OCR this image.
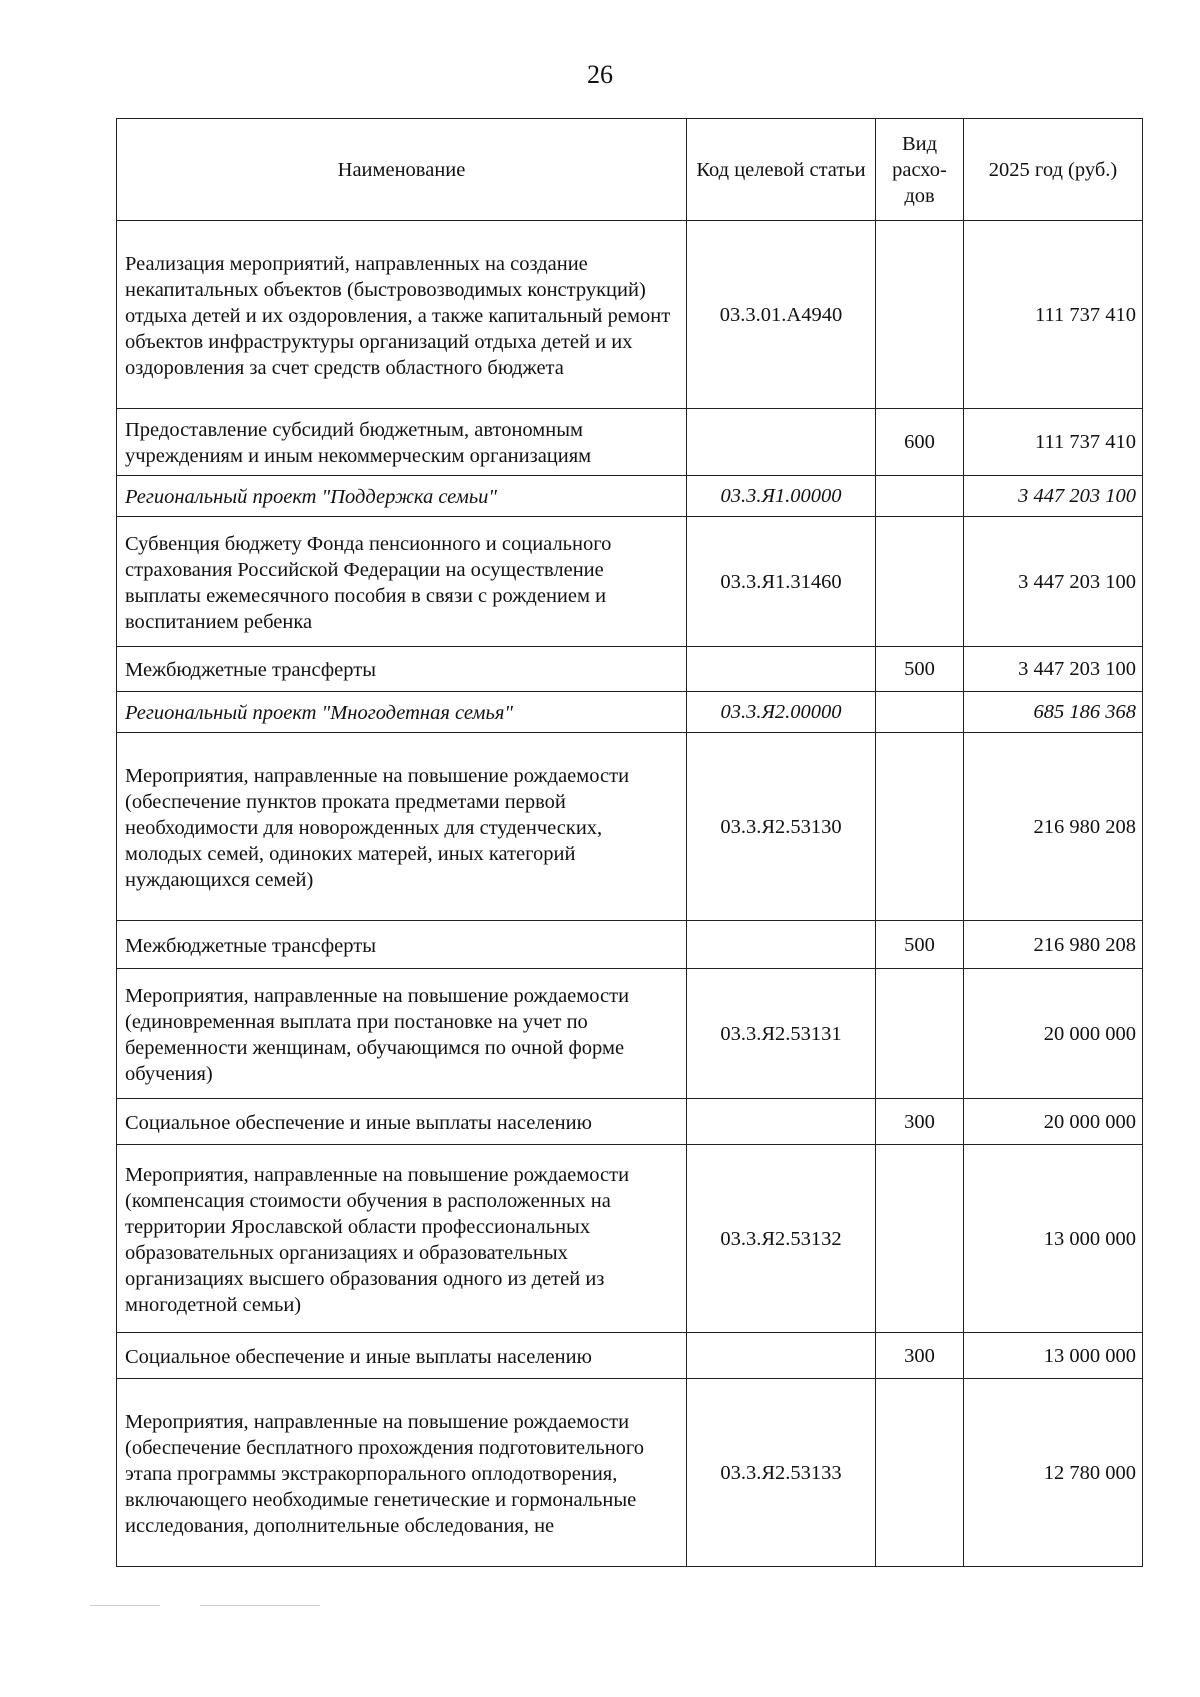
26
Наименование	Код целевой статьи	Вид расхо-дов	2025 год (руб.)
Реализация мероприятий, направленных на создание некапитальных объектов (быстровозводимых конструкций) отдыха детей и их оздоровления, а также капитальный ремонт объектов инфраструктуры организаций отдыха детей и их оздоровления за счет средств областного бюджета	03.3.01.А4940		111 737 410
Предоставление субсидий бюджетным, автономным учреждениям и иным некоммерческим организациям		600	111 737 410
Региональный проект "Поддержка семьи"	03.3.Я1.00000		3 447 203 100
Субвенция бюджету Фонда пенсионного и социального страхования Российской Федерации на осуществление выплаты ежемесячного пособия в связи с рождением и воспитанием ребенка	03.3.Я1.31460		3 447 203 100
Межбюджетные трансферты		500	3 447 203 100
Региональный проект "Многодетная семья"	03.3.Я2.00000		685 186 368
Мероприятия, направленные на повышение рождаемости (обеспечение пунктов проката предметами первой необходимости для новорожденных для студенческих, молодых семей, одиноких матерей, иных категорий нуждающихся семей)	03.3.Я2.53130		216 980 208
Межбюджетные трансферты		500	216 980 208
Мероприятия, направленные на повышение рождаемости (единовременная выплата при постановке на учет по беременности женщинам, обучающимся по очной форме обучения)	03.3.Я2.53131		20 000 000
Социальное обеспечение и иные выплаты населению		300	20 000 000
Мероприятия, направленные на повышение рождаемости (компенсация стоимости обучения в расположенных на территории Ярославской области профессиональных образовательных организациях и образовательных организациях высшего образования одного из детей из многодетной семьи)	03.3.Я2.53132		13 000 000
Социальное обеспечение и иные выплаты населению		300	13 000 000
Мероприятия, направленные на повышение рождаемости (обеспечение бесплатного прохождения подготовительного этапа программы экстракорпорального оплодотворения, включающего необходимые генетические и гормональные исследования, дополнительные обследования, не	03.3.Я2.53133		12 780 000
